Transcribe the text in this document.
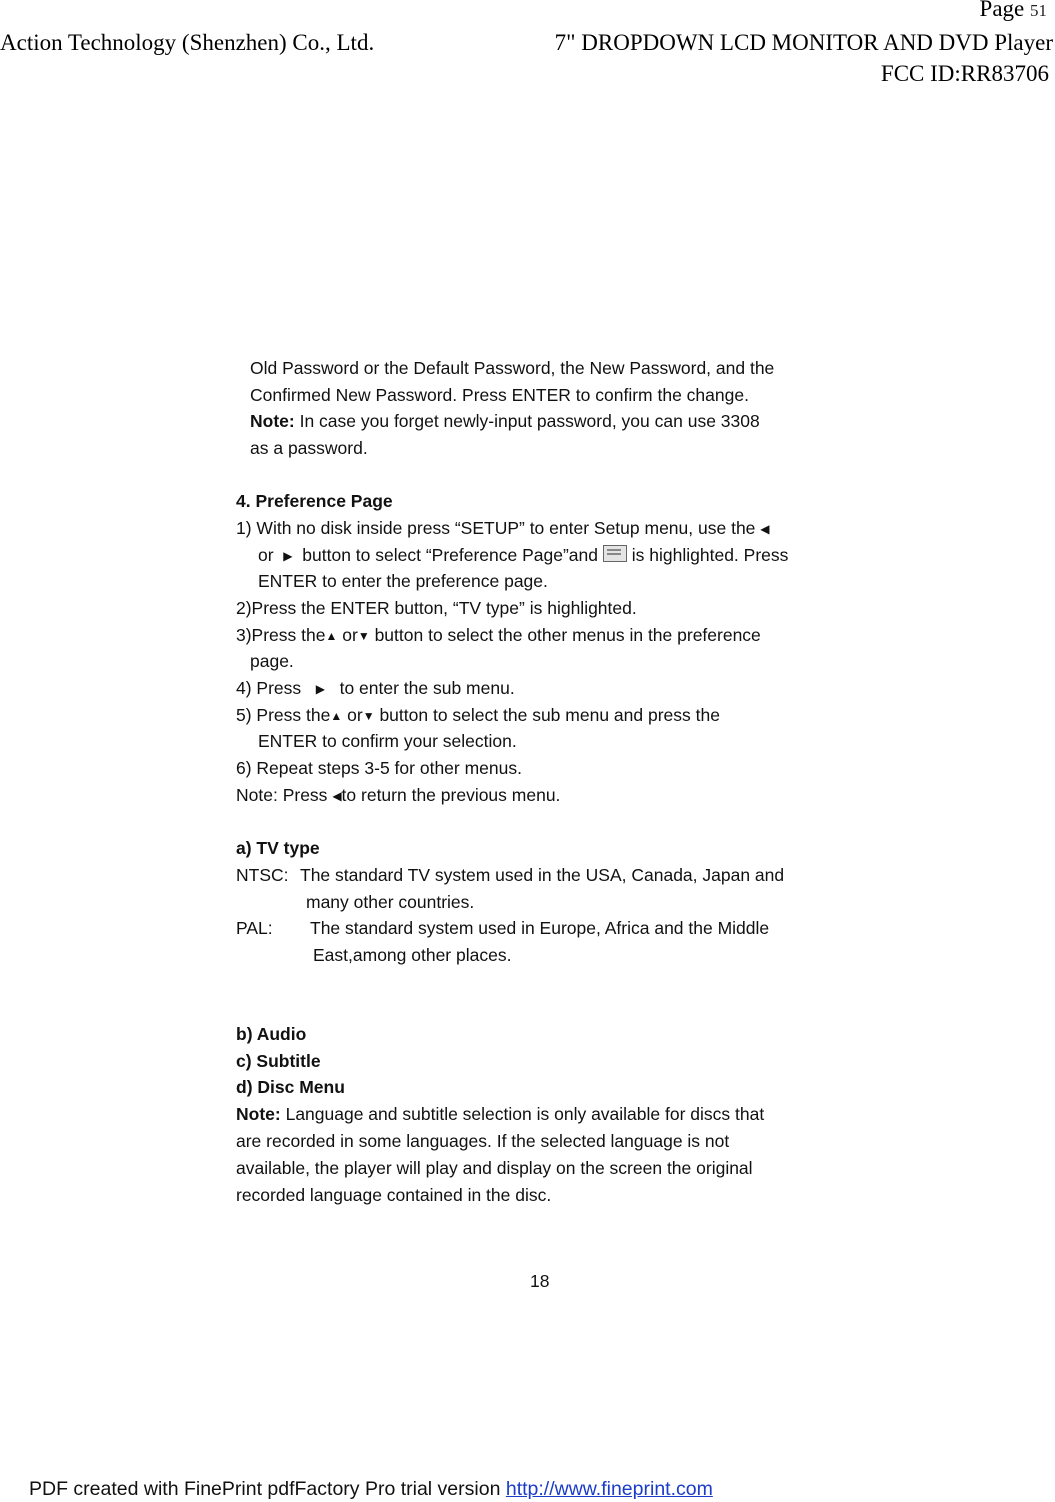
Page 51
Action Technology (Shenzhen) Co., Ltd.	7" DROPDOWN LCD MONITOR AND DVD Player
FCC ID:RR83706
Old Password or the Default Password, the New Password, and the
Confirmed New Password. Press ENTER to confirm the change.
Note: In case you forget newly-input password, you can use 3308
as a password.
4. Preference Page
1) With no disk inside press “SETUP” to enter Setup menu, use the ◀
or ▶ button to select “Preference Page”and is highlighted. Press
ENTER to enter the preference page.
2)Press the ENTER button, “TV type” is highlighted.
3)Press the▲ or▼ button to select the other menus in the preference
page.
4) Press ▶ to enter the sub menu.
5) Press the▲ or▼ button to select the sub menu and press the
ENTER to confirm your selection.
6) Repeat steps 3-5 for other menus.
Note: Press ◀to return the previous menu.
a) TV type
NTSC: The standard TV system used in the USA, Canada, Japan and
many other countries.
PAL: The standard system used in Europe, Africa and the Middle
East,among other places.
b) Audio
c) Subtitle
d) Disc Menu
Note: Language and subtitle selection is only available for discs that
are recorded in some languages. If the selected language is not
available, the player will play and display on the screen the original
recorded language contained in the disc.
18
PDF created with FinePrint pdfFactory Pro trial version http://www.fineprint.com
